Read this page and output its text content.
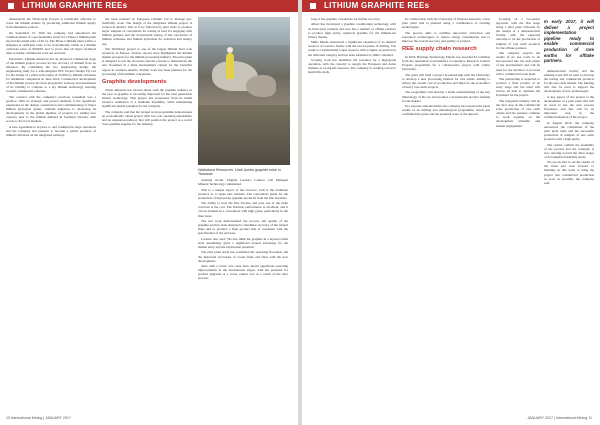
LITHIUM GRAPHITE REEs

demonstrate the Whabouchi Process is technically effective to lower the lithium market by producing additional lithium supply from alternative sources.

On September 15, 2016 the company had announced the commencement of a pre-feasibility study for a Phase 2 lithium plant beyond the initial pilot of 30 t/y. The Phase 2 lithium plant will be a designed at sufficient scale to be economically viable at a lithium carbonate price of $9,000/t and to prove that all major technical risks at tender commercial scale are resolved.

Elsewhere, Lithium Americas has an advanced commercial stage of the lithium project process for the recovery of lithium from an intrusion. By combining the two engineering design, the engineering study for a well-designed EPC Project Design Pty Ltd for the design of a plant with output of 35,000 t/y lithium carbonate for submitted completion in June 2016. Commercial development of the lithium process involves progressive scale-up and assessment of its viability to compare to a dry lithium technology trending towards commercial solutions.

The contract with the company's previous consultant was a positive. With its strategic and proven methods, it has significant experience in the design, construction and commissioning of major lithium hydroxide plants. Lithium Americas is advancing its developments in the global pipeline of projects for adding new capacity near to the lithium demand in Southern Nevada, with access to the local markets.

A new agreement is in place to add commercial stage operations and the company and partners to become a global producer of lithium carbonate on the integrated pathway.

has been retained by European Lithium Ltd to manage pre-feasibility work. The design of the integrated lithium project is located in Austria. This is to be followed by pilot trials to produce larger samples of concentrate for testing as feed for engaging with lithium partners and the downstream testing of the conversion of lithium carbonate and lithium hydroxide for technical and battery use.

The Wolfsberg project is one of the largest lithium hard rock resources in Europe. Various reports have highlighted the lithium market prospects for the lithium processing industry. The pilot plant is designed to test the processes and the concept to demonstrate the new flowsheet in a mine development context for the Carinthia region in southern Austria. Further work has been planned for the processing of the lithium concentrate.

Graphite developments

Triton Minerals has moved ahead with the graphite industry in the year as graphite is becoming important for the next generation battery technology. This project has progressed from its initial resource estimation to a bankable feasibility, while maintaining significant upside potential for the company.

The company said that the revised work programme demonstrates an economically robust project with low-cost operating expenditure and an expansion pathway that will position the project as a world class graphite supplier for the industry.

Walkabout Resources' Lindi Jumbo graphite mine in Tanzania

cleaning circuit. Virginia Lorenzo, Lomeco Cell Managed Mineral Technology commented.

This is a unique aspect of the resource. Cell is the dominant resource as it opens new markets. The concentrate grade for the production of high purity graphite produced from the fine fractions.

The ability to treat the fine fraction and pass one of the main concerns is the cost. The flotation performance is excellent, and it can be attained in a concentrate with high grade, particularly in the finer sizes.

The test work demonstrated the process and quality of the graphite and has been designed to maximise recovery of the natural flake and to produce a final product that is consistent with the specification of the end user.

Lorenzo also said: 'We also think the graphite in a layered schist style assemblage gives a significant natural advantage for the market entry and the exploration potential.'

The pilot plant study has confirmed the operating flowsheet and the improved recoveries of coarse flake and fines with the new development.

Tests with a lower cost route have shown significant operating improvements in the downstream stages, with the potential for product upgrades at a lower capital cost as a result of the pilot process.

10 International Mining | JANUARY 2017
LITHIUM GRAPHITE REEs

long of the graphite concentrate for further recovery.

Allied has developed a graphite conditioning technology with its third party partners and now has a number of offtake partners to produce high purity, spherical graphite for the lithium-ion battery market.

MRG Metals announced a significant expansion of its mineral resource at Corridor Sands, with the second phase of drilling. The result is a substantially larger resource with a higher proportion in the indicated category and has been estimated to JORC standard.

Scoping work has identified the potential for a high-grade operation, with the capacity to supply the European and Asian markets as a long-life resource. The company is working toward a feasibility study.

In collaboration with the University of Western Australia, a new pilot plant trial is planned using a combination of existing technologies.

The process aims to combine innovative extraction and separation technologies, to reduce energy consumption and to improve the overall recovery and quality of product.

REE supply chain research

In 2016, Hastings Technology Metals was awarded $1.5 million from the Australian Government's Cooperative Research Centres Projects programme for a collaborative project with Curtin University.

The grant will fund a project in partnership with the University to develop a new processing method for rare earths, aiming to reduce the overall cost of production and improve the economics of heavy rare earth projects.

The programme will develop a better understanding of the key mineralogy of the ore and produce a downstream product suitable for the market.

In a separate announcement, the company has reported the latest results of its drilling and metallurgical programme, which has confirmed the grade and the potential scale of the deposit.

focusing on a two-phase approach, with the first stage being a pilot plant followed by the design of a demonstration facility, with the expected outcome to be the production of samples of rare earth products for the offtake partners.

The company expects the results of its test work to be incorporated into the next phase of the development and will be used for the decision to proceed with a commercial scale plant.

The partnership is expected to produce a final product at an early stage and the team will review all data to optimise the flowsheet for the project.

The integrated refinery will be the first step in the commercial scale production of rare earth oxides and the partners continue to work together on the development schedule and market engagement.

In early 2017, it will deliver a project implementation pipeline ready to enable commercial production of rare earths for offtake partners.

demonstration facility and the existing work will be used to develop the testing and commercial products for the rare earth market. The funding will also be used to support the development of new technologies.

A key aspect of the project is the development of a pilot plant that will be used to test the new process flowsheet, and this will be an important step in the commercialisation of the project.

In August 2016, the company announced the completion of the pilot plant trials and the successful production of samples of rare earth products with a high purity.

The results confirm the feasibility of the process and the company is now moving toward the final stages of its bankable feasibility study.

We are excited to see the results of the trials and look forward to building on this work to bring the project into commercial production as soon as possible, the company said.

JANUARY 2017 | International Mining 11
